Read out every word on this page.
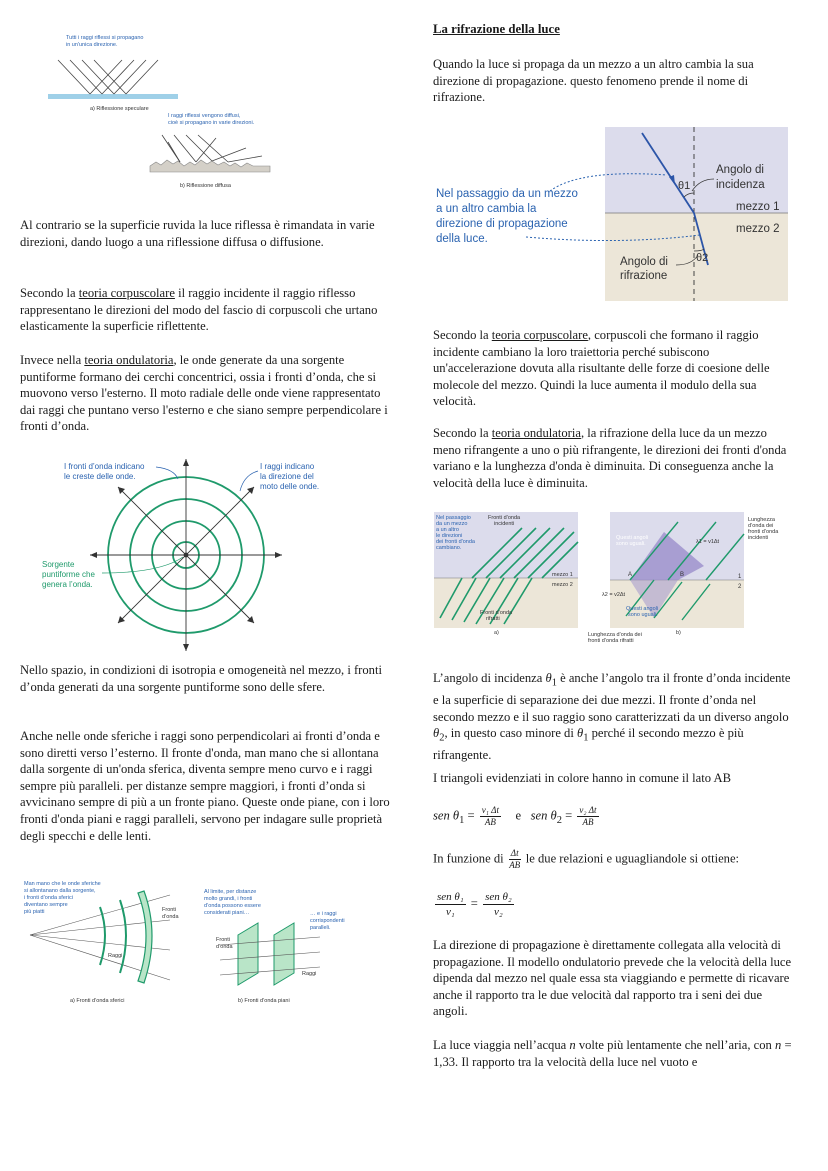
Tutti i raggi riflessi si propagano
in un'unica direzione.
a) Riflessione speculare
I raggi riflessi vengono diffusi,
cioè si propagano in varie direzioni.
b) Riflessione diffusa

Al contrario se la superficie ruvida la luce riflessa è rimandata in varie direzioni, dando luogo a una riflessione diffusa o diffusione.

Secondo la teoria corpuscolare il raggio incidente il raggio riflesso rappresentano le direzioni del modo del fascio di corpuscoli che urtano elasticamente la superficie riflettente.

Invece nella teoria ondulatoria, le onde generate da una sorgente puntiforme formano dei cerchi concentrici, ossia i fronti d’onda, che si muovono verso l'esterno. Il moto radiale delle onde viene rappresentato dai raggi che puntano verso l'esterno e che siano sempre perpendicolare i fronti d’onda.

I fronti d’onda indicano
le creste delle onde.
I raggi indicano
la direzione del
moto delle onde.
Sorgente
puntiforme che
genera l’onda.

Nello spazio, in condizioni di isotropia e omogeneità nel mezzo, i fronti d’onda generati da una sorgente puntiforme sono delle sfere.

Anche nelle onde sferiche i raggi sono perpendicolari ai fronti d’onda e sono diretti verso l’esterno. Il fronte d'onda, man mano che si allontana dalla sorgente di un'onda sferica, diventa sempre meno curvo e i raggi sempre più paralleli. per distanze sempre maggiori, i fronti d’onda si avvicinano sempre di più a un fronte piano. Queste onde piane, con i loro fronti d'onda piani e raggi paralleli, servono per indagare sulle proprietà degli specchi e delle lenti.

Man mano che le onde sferiche
si allontanano dalla sorgente,
i fronti d’onda sferici
diventano sempre
più piatti	Fronti
d’onda
Raggi
a) Fronti d’onda sferici
Al limite, per distanze
molto grandi, i fronti
d’onda possono essere
considerati piani…	… e i raggi
corrispondenti
paralleli.
Fronti
d’onda
Raggi
b) Fronti d’onda piani
La rifrazione della luce

Quando la luce si propaga da un mezzo a un altro cambia la sua direzione di propagazione. questo fenomeno prende il nome di rifrazione.

θ1
θ2
Angolo di
incidenza
mezzo 1
mezzo 2
Angolo di
rifrazione
Nel passaggio da un mezzo
a un altro cambia la
direzione di propagazione
della luce.

Secondo la teoria corpuscolare, corpuscoli che formano il raggio incidente cambiano la loro traiettoria perché subiscono un'accelerazione dovuta alla risultante delle forze di coesione delle molecole del mezzo. Quindi la luce aumenta il modulo della sua velocità.

Secondo la teoria ondulatoria, la rifrazione della luce da un mezzo meno rifrangente a uno o più rifrangente, le direzioni dei fronti d'onda variano e la lunghezza d'onda è diminuita. Di conseguenza anche la velocità della luce è diminuita.

Nel passaggio
da un mezzo
a un altro
le direzioni
dei fronti d'onda
cambiano.
Fronti d’onda
incidenti
mezzo 1
mezzo 2
Fronti d’onda
rifratti
a)
A	B	1
2
Questi angoli
sono uguali.
Questi angoli
sono uguali.
λ1 = v1Δt
λ2 = v2Δt
Lunghezza
d’onda dei
fronti d’onda
incidenti
Lunghezza d’onda dei
fronti d’onda rifratti
b)

L’angolo di incidenza $\theta_1$ è anche l’angolo tra il fronte d’onda incidente e la superficie di separazione dei due mezzi. Il fronte d’onda nel secondo mezzo e il suo raggio sono caratterizzati da un diverso angolo $\theta_2$, in questo caso minore di $\theta_1$ perché il secondo mezzo è più rifrangente.

I triangoli evidenziati in colore hanno in comune il lato AB

sen $\theta_1 = \frac{\text{v₁ Δt}}{AB}$ e sen $\theta_2 = \frac{\text{v₂ Δt}}{AB}$
In funzione di $\frac{\Delta t}{AB}$ le due relazioni e uguagliandole si ottiene:
sen θ₁
v₁
= sen θ₂
v₂

La direzione di propagazione è direttamente collegata alla velocità di propagazione. Il modello ondulatorio prevede che la velocità della luce dipenda dal mezzo nel quale essa sta viaggiando e permette di ricavare anche il rapporto tra le due velocità dal rapporto tra i seni dei due angoli.

La luce viaggia nell’acqua n volte più lentamente che nell’aria, con n = 1,33. Il rapporto tra la velocità della luce nel vuoto e
